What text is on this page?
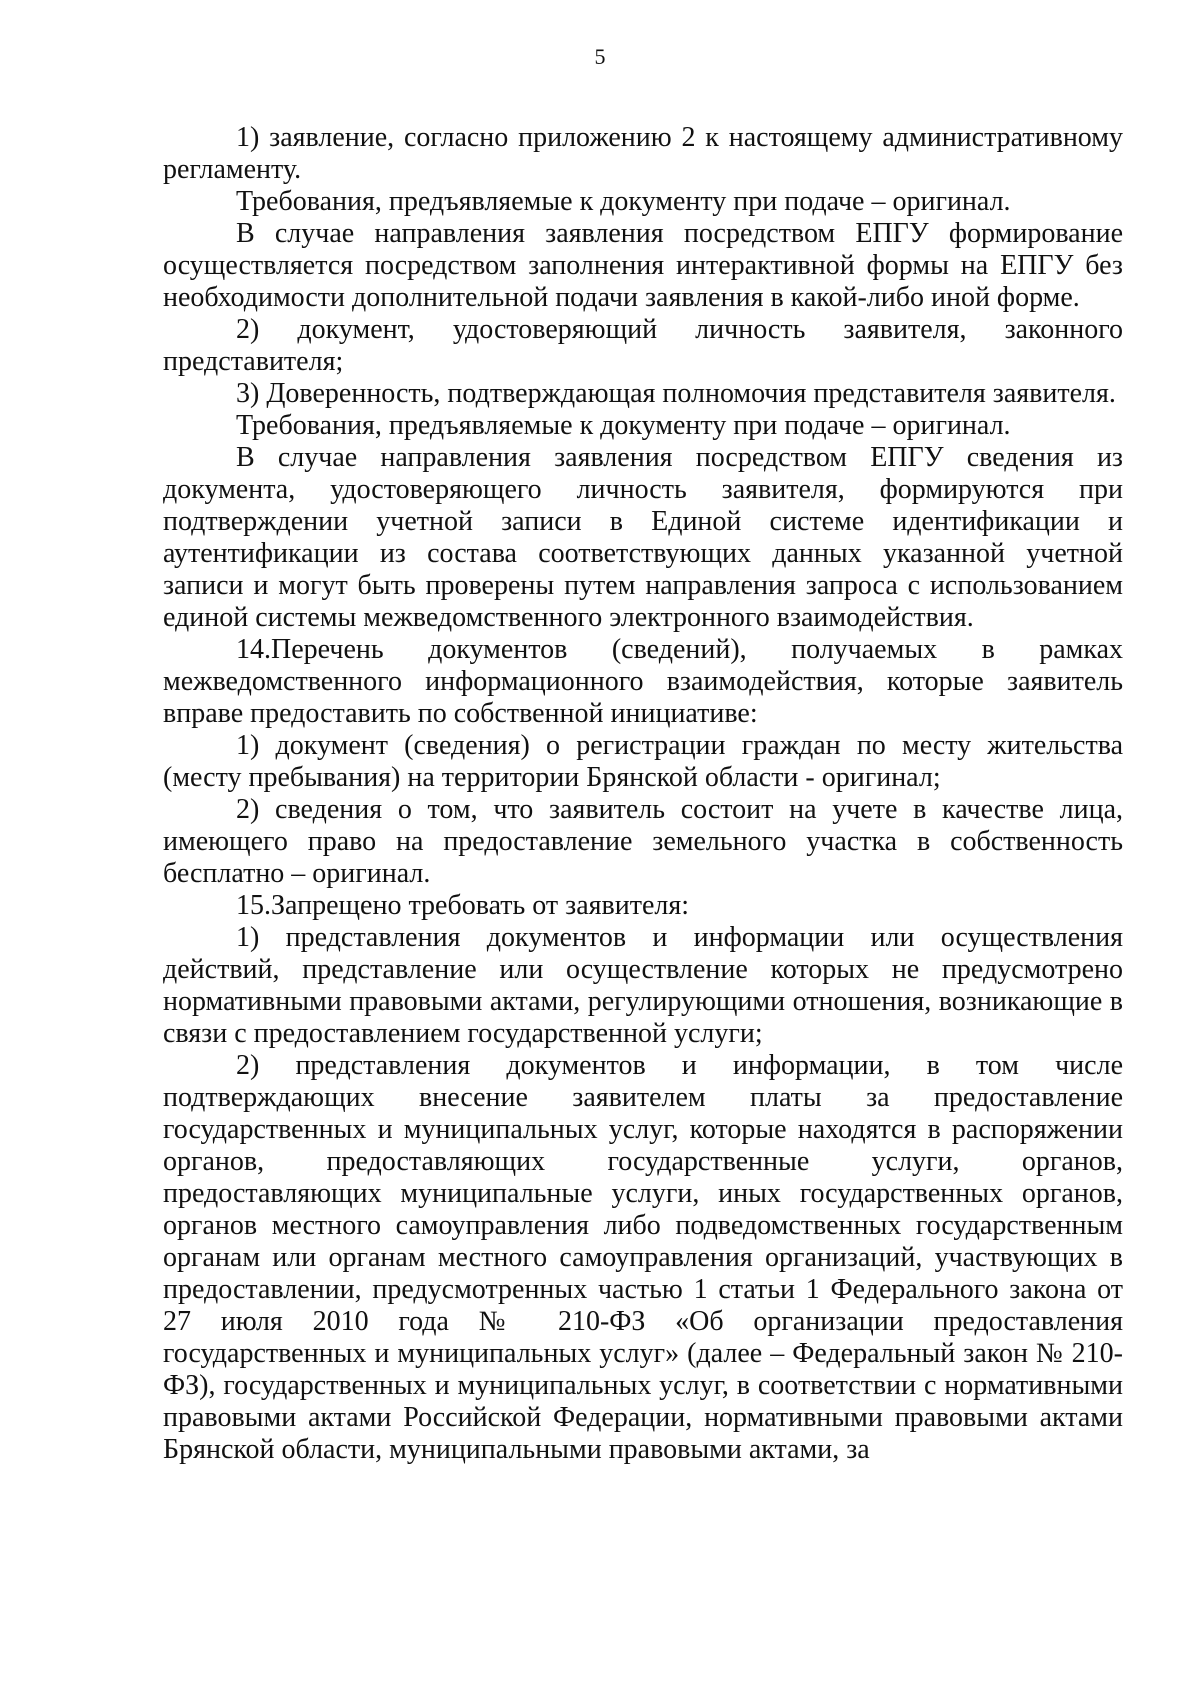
5

1) заявление, согласно приложению 2 к настоящему административному регламенту.

Требования, предъявляемые к документу при подаче – оригинал.

В случае направления заявления посредством ЕПГУ формирование осуществляется посредством заполнения интерактивной формы на ЕПГУ без необходимости дополнительной подачи заявления в какой-либо иной форме.

2) документ, удостоверяющий личность заявителя, законного представителя;

3) Доверенность, подтверждающая полномочия представителя заявителя.

Требования, предъявляемые к документу при подаче – оригинал.

В случае направления заявления посредством ЕПГУ сведения из документа, удостоверяющего личность заявителя, формируются при подтверждении учетной записи в Единой системе идентификации и аутентификации из состава соответствующих данных указанной учетной записи и могут быть проверены путем направления запроса с использованием единой системы межведомственного электронного взаимодействия.

14.Перечень документов (сведений), получаемых в рамках межведомственного информационного взаимодействия, которые заявитель вправе предоставить по собственной инициативе:

1) документ (сведения) о регистрации граждан по месту жительства (месту пребывания) на территории Брянской области - оригинал;

2) сведения о том, что заявитель состоит на учете в качестве лица, имеющего право на предоставление земельного участка в собственность бесплатно – оригинал.

15.Запрещено требовать от заявителя:

1) представления документов и информации или осуществления действий, представление или осуществление которых не предусмотрено нормативными правовыми актами, регулирующими отношения, возникающие в связи с предоставлением государственной услуги;

2) представления документов и информации, в том числе подтверждающих внесение заявителем платы за предоставление государственных и муниципальных услуг, которые находятся в распоряжении органов, предоставляющих государственные услуги, органов, предоставляющих муниципальные услуги, иных государственных органов, органов местного самоуправления либо подведомственных государственным органам или органам местного самоуправления организаций, участвующих в предоставлении, предусмотренных частью 1 статьи 1 Федерального закона от 27 июля 2010 года № 210-ФЗ «Об организации предоставления государственных и муниципальных услуг» (далее – Федеральный закон № 210-ФЗ), государственных и муниципальных услуг, в соответствии с нормативными правовыми актами Российской Федерации, нормативными правовыми актами Брянской области, муниципальными правовыми актами, за
